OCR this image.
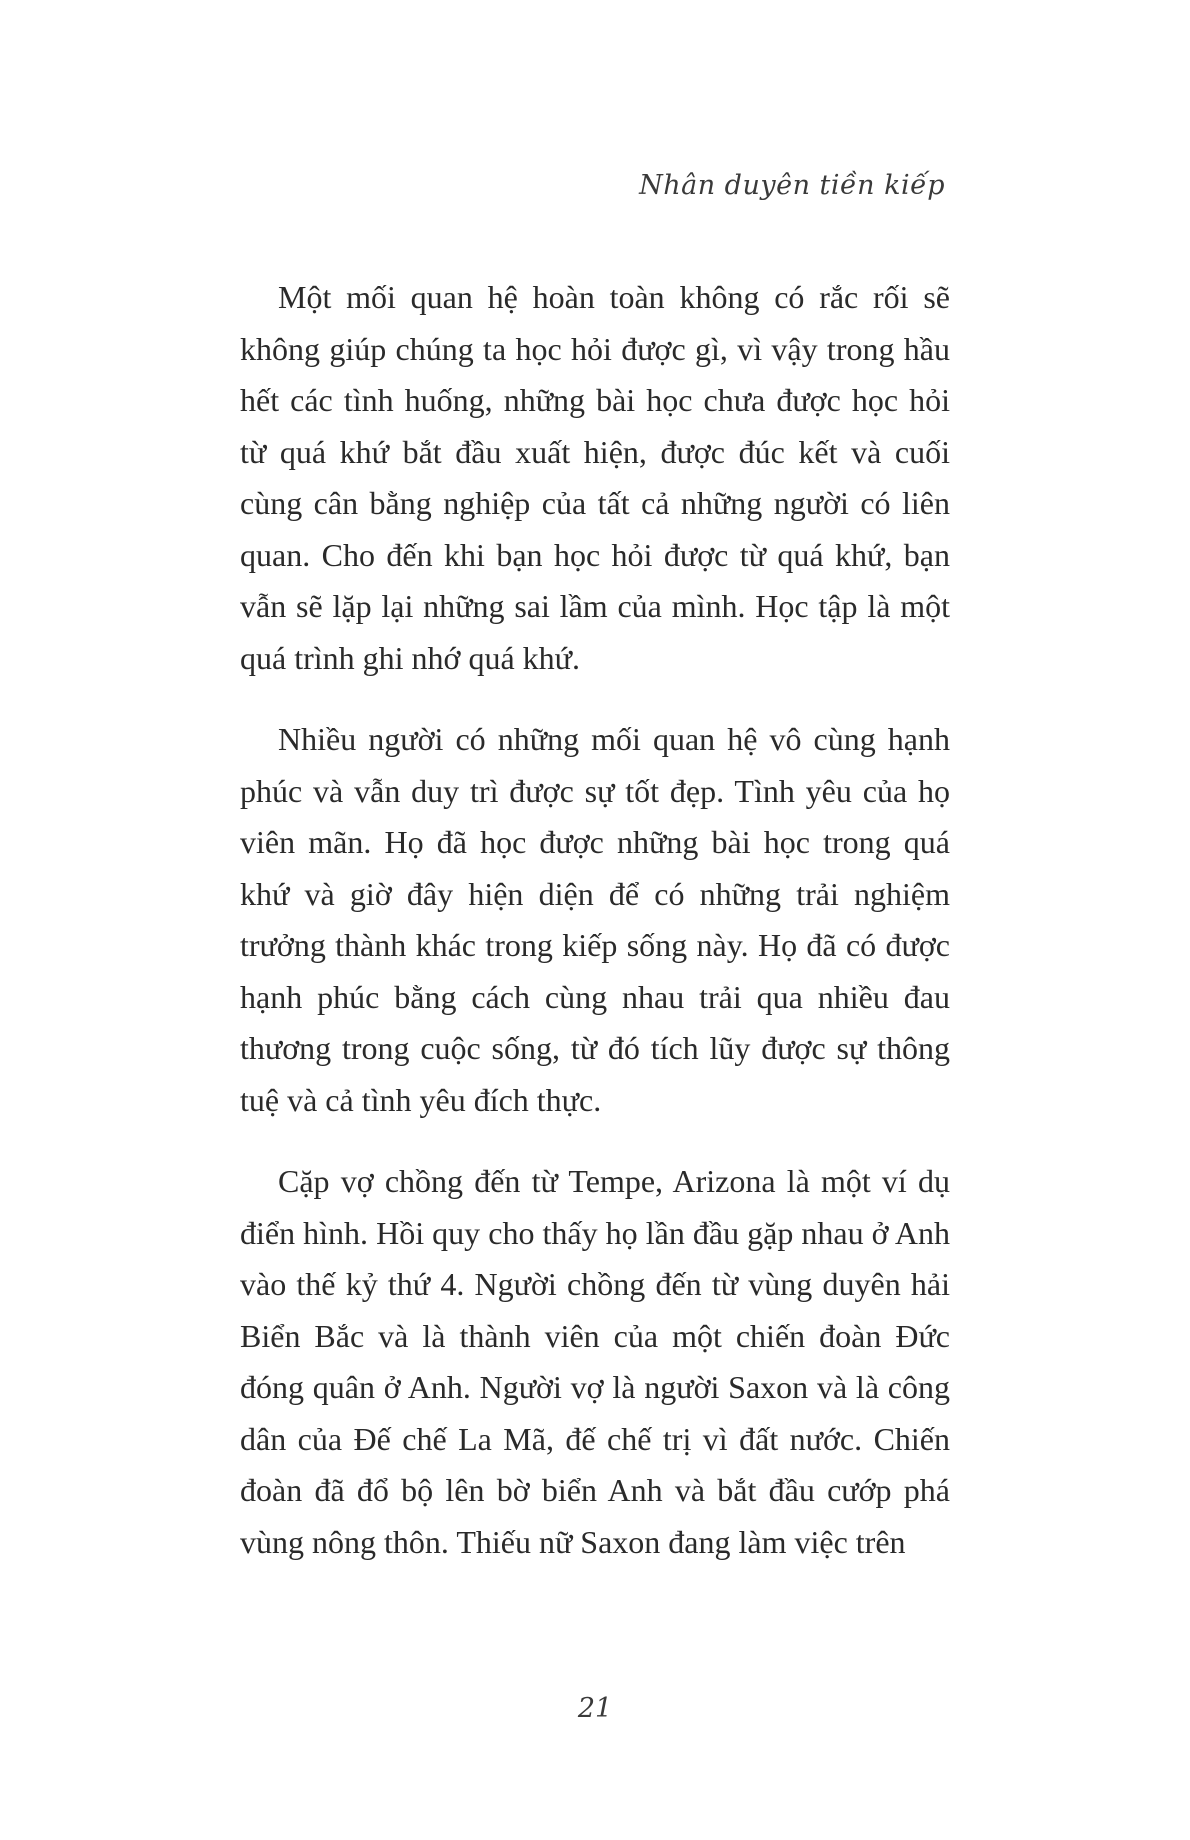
Nhân duyên tiền kiếp

Một mối quan hệ hoàn toàn không có rắc rối sẽ không giúp chúng ta học hỏi được gì, vì vậy trong hầu hết các tình huống, những bài học chưa được học hỏi từ quá khứ bắt đầu xuất hiện, được đúc kết và cuối cùng cân bằng nghiệp của tất cả những người có liên quan. Cho đến khi bạn học hỏi được từ quá khứ, bạn vẫn sẽ lặp lại những sai lầm của mình. Học tập là một quá trình ghi nhớ quá khứ.

Nhiều người có những mối quan hệ vô cùng hạnh phúc và vẫn duy trì được sự tốt đẹp. Tình yêu của họ viên mãn. Họ đã học được những bài học trong quá khứ và giờ đây hiện diện để có những trải nghiệm trưởng thành khác trong kiếp sống này. Họ đã có được hạnh phúc bằng cách cùng nhau trải qua nhiều đau thương trong cuộc sống, từ đó tích lũy được sự thông tuệ và cả tình yêu đích thực.

Cặp vợ chồng đến từ Tempe, Arizona là một ví dụ điển hình. Hồi quy cho thấy họ lần đầu gặp nhau ở Anh vào thế kỷ thứ 4. Người chồng đến từ vùng duyên hải Biển Bắc và là thành viên của một chiến đoàn Đức đóng quân ở Anh. Người vợ là người Saxon và là công dân của Đế chế La Mã, đế chế trị vì đất nước. Chiến đoàn đã đổ bộ lên bờ biển Anh và bắt đầu cướp phá vùng nông thôn. Thiếu nữ Saxon đang làm việc trên

21
